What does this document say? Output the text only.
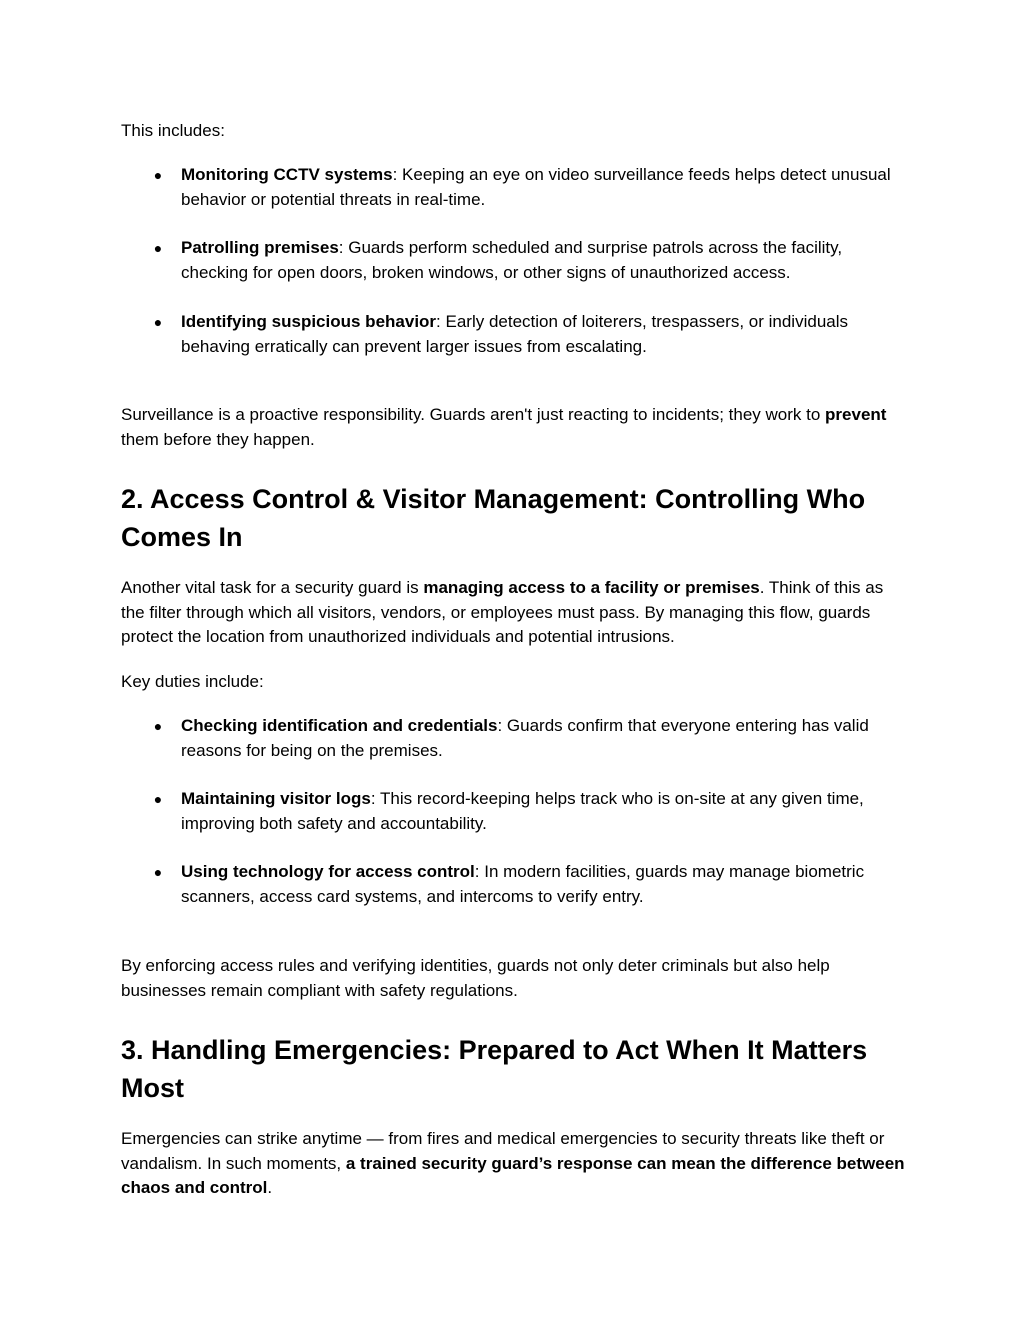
This includes:

● Monitoring CCTV systems: Keeping an eye on video surveillance feeds helps detect unusual behavior or potential threats in real-time.
● Patrolling premises: Guards perform scheduled and surprise patrols across the facility, checking for open doors, broken windows, or other signs of unauthorized access.
● Identifying suspicious behavior: Early detection of loiterers, trespassers, or individuals behaving erratically can prevent larger issues from escalating.

Surveillance is a proactive responsibility. Guards aren't just reacting to incidents; they work to prevent them before they happen.

2. Access Control & Visitor Management: Controlling Who Comes In

Another vital task for a security guard is managing access to a facility or premises. Think of this as the filter through which all visitors, vendors, or employees must pass. By managing this flow, guards protect the location from unauthorized individuals and potential intrusions.

Key duties include:

● Checking identification and credentials: Guards confirm that everyone entering has valid reasons for being on the premises.
● Maintaining visitor logs: This record-keeping helps track who is on-site at any given time, improving both safety and accountability.
● Using technology for access control: In modern facilities, guards may manage biometric scanners, access card systems, and intercoms to verify entry.

By enforcing access rules and verifying identities, guards not only deter criminals but also help businesses remain compliant with safety regulations.

3. Handling Emergencies: Prepared to Act When It Matters Most

Emergencies can strike anytime — from fires and medical emergencies to security threats like theft or vandalism. In such moments, a trained security guard’s response can mean the difference between chaos and control.
